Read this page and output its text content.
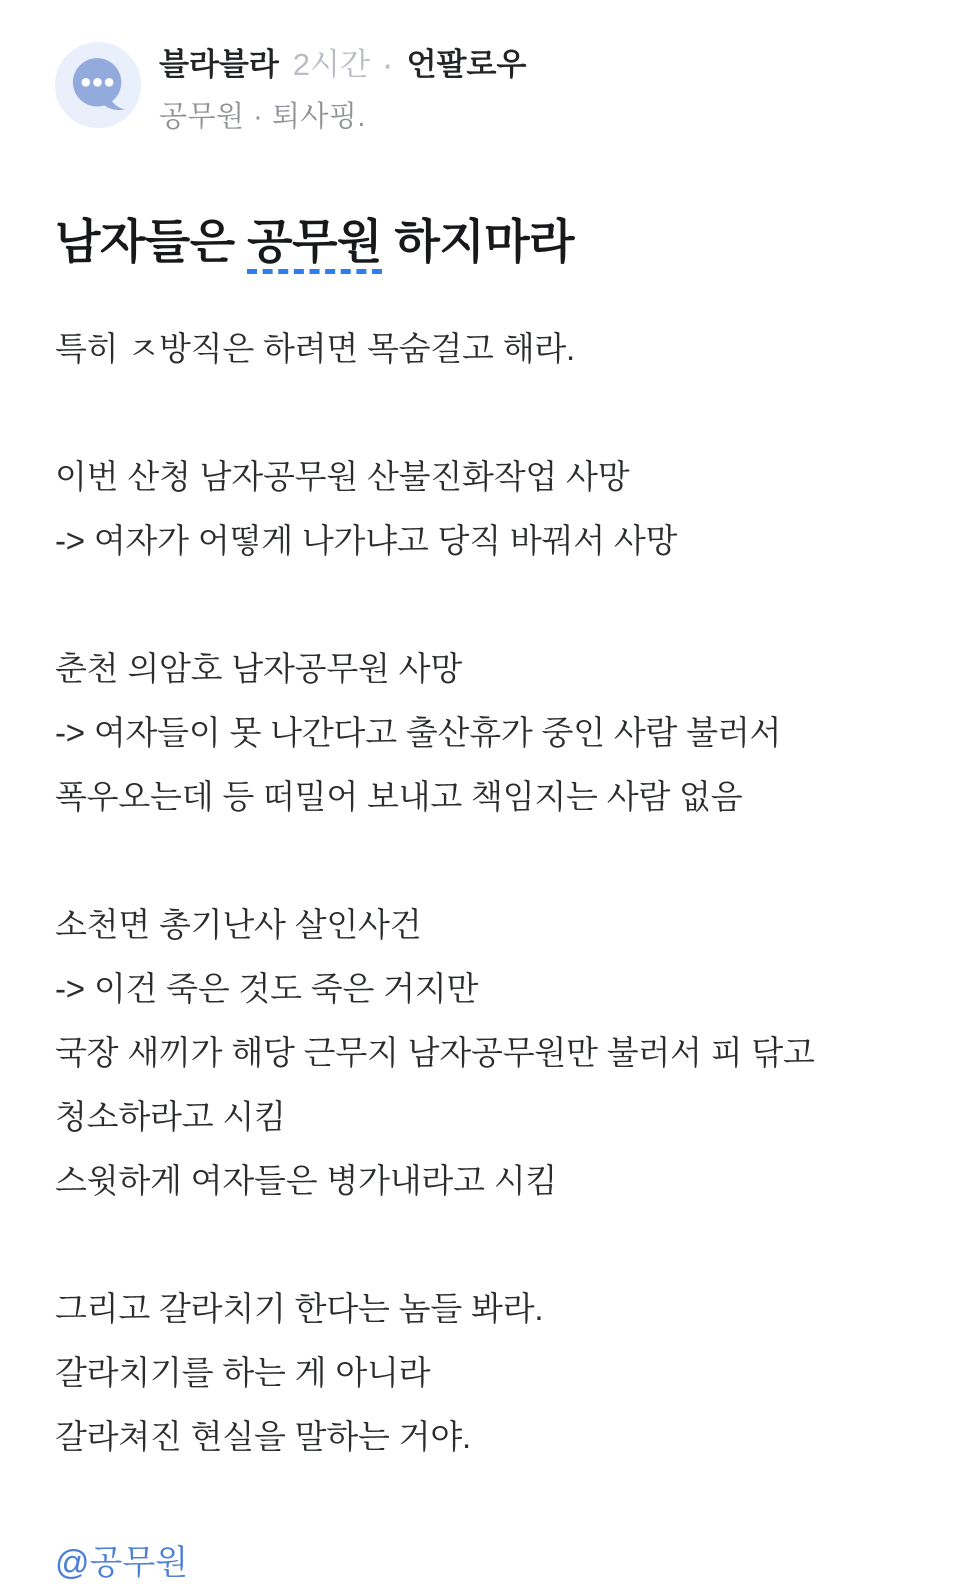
블라블라 2시간 · 언팔로우
공무원 · 퇴사핑.
남자들은 공무원 하지마라

특히 ㅈ방직은 하려면 목숨걸고 해라.

이번 산청 남자공무원 산불진화작업 사망
-> 여자가 어떻게 나가냐고 당직 바꿔서 사망

춘천 의암호 남자공무원 사망
-> 여자들이 못 나간다고 출산휴가 중인 사람 불러서
폭우오는데 등 떠밀어 보내고 책임지는 사람 없음

소천면 총기난사 살인사건
-> 이건 죽은 것도 죽은 거지만
국장 새끼가 해당 근무지 남자공무원만 불러서 피 닦고
청소하라고 시킴
스윗하게 여자들은 병가내라고 시킴

그리고 갈라치기 한다는 놈들 봐라.
갈라치기를 하는 게 아니라
갈라쳐진 현실을 말하는 거야.

@공무원
